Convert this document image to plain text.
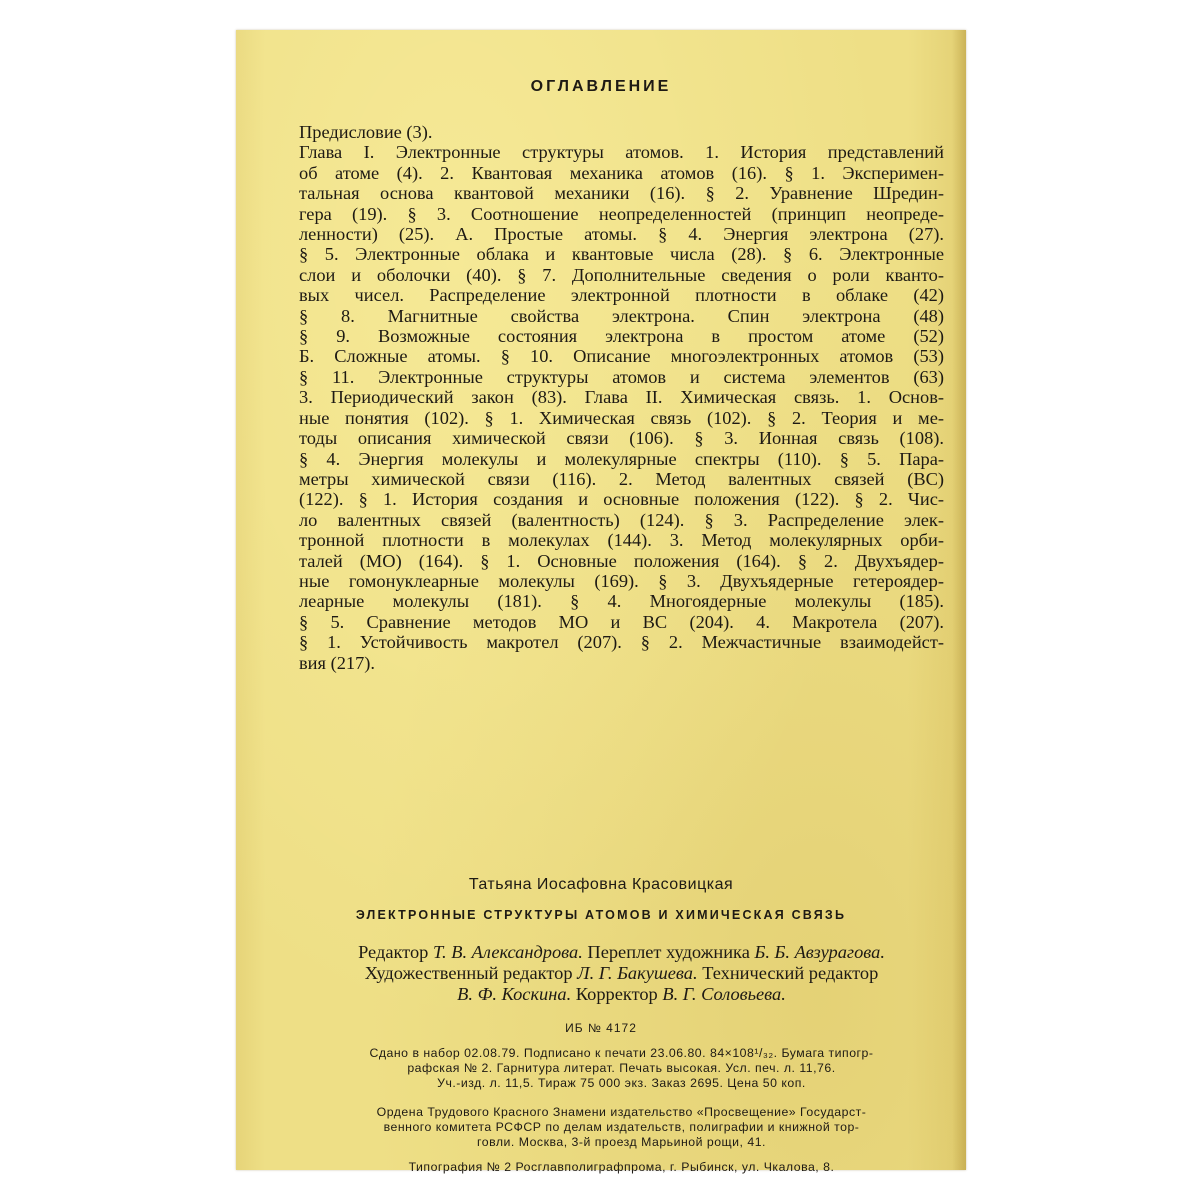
ОГЛАВЛЕНИЕ
Предисловие (3).
Глава I. Электронные структуры атомов. 1. История представлений
об атоме (4). 2. Квантовая механика атомов (16). § 1. Эксперимен-
тальная основа квантовой механики (16). § 2. Уравнение Шредин-
гера (19). § 3. Соотношение неопределенностей (принцип неопреде-
ленности) (25). А. Простые атомы. § 4. Энергия электрона (27).
§ 5. Электронные облака и квантовые числа (28). § 6. Электронные
слои и оболочки (40). § 7. Дополнительные сведения о роли кванто-
вых чисел. Распределение электронной плотности в облаке (42)
§ 8. Магнитные свойства электрона. Спин электрона (48)
§ 9. Возможные состояния электрона в простом атоме (52)
Б. Сложные атомы. § 10. Описание многоэлектронных атомов (53)
§ 11. Электронные структуры атомов и система элементов (63)
3. Периодический закон (83). Глава II. Химическая связь. 1. Основ-
ные понятия (102). § 1. Химическая связь (102). § 2. Теория и ме-
тоды описания химической связи (106). § 3. Ионная связь (108).
§ 4. Энергия молекулы и молекулярные спектры (110). § 5. Пара-
метры химической связи (116). 2. Метод валентных связей (ВС)
(122). § 1. История создания и основные положения (122). § 2. Чис-
ло валентных связей (валентность) (124). § 3. Распределение элек-
тронной плотности в молекулах (144). 3. Метод молекулярных орби-
талей (МО) (164). § 1. Основные положения (164). § 2. Двухъядер-
ные гомонуклеарные молекулы (169). § 3. Двухъядерные гетероядер-
леарные молекулы (181). § 4. Многоядерные молекулы (185).
§ 5. Сравнение методов МО и ВС (204). 4. Макротела (207).
§ 1. Устойчивость макротел (207). § 2. Межчастичные взаимодейст-
вия (217).
Татьяна Иосафовна Красовицкая
ЭЛЕКТРОННЫЕ СТРУКТУРЫ АТОМОВ И ХИМИЧЕСКАЯ СВЯЗЬ
Редактор Т. В. Александрова. Переплет художника Б. Б. Авзурагова.
Художественный редактор Л. Г. Бакушева. Технический редактор
В. Ф. Коскина. Корректор В. Г. Соловьева.
ИБ № 4172
Сдано в набор 02.08.79. Подписано к печати 23.06.80. 84×108¹/₃₂. Бумага типогр-
рафская № 2. Гарнитура литерат. Печать высокая. Усл. печ. л. 11,76.
Уч.-изд. л. 11,5. Тираж 75 000 экз. Заказ 2695. Цена 50 коп.
Ордена Трудового Красного Знамени издательство «Просвещение» Государст-
венного комитета РСФСР по делам издательств, полиграфии и книжной тор-
говли. Москва, 3-й проезд Марьиной рощи, 41.
Типография № 2 Росглавполиграфпрома, г. Рыбинск, ул. Чкалова, 8.
